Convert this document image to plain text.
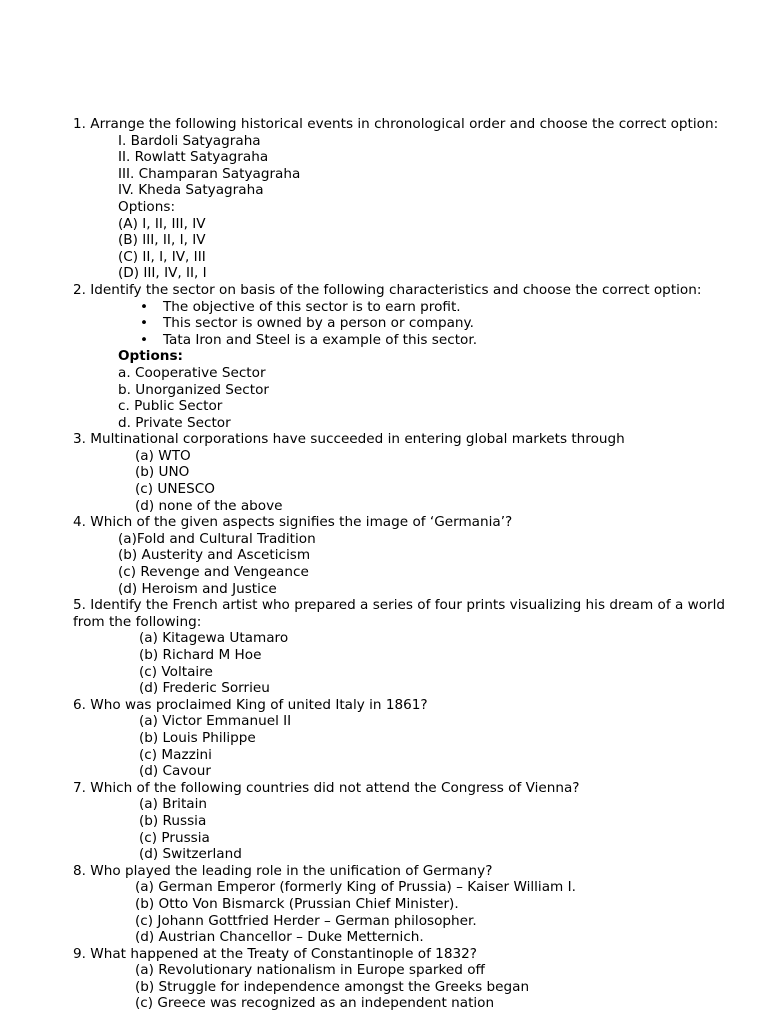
1. Arrange the following historical events in chronological order and choose the correct option:
I. Bardoli Satyagraha
II. Rowlatt Satyagraha
III. Champaran Satyagraha
IV. Kheda Satyagraha
Options:
(A) I, II, III, IV
(B) III, II, I, IV
(C) II, I, IV, III
(D) III, IV, II, I
2. Identify the sector on basis of the following characteristics and choose the correct option:
• The objective of this sector is to earn profit.
• This sector is owned by a person or company.
• Tata Iron and Steel is a example of this sector.
Options:
a. Cooperative Sector
b. Unorganized Sector
c. Public Sector
d. Private Sector
3. Multinational corporations have succeeded in entering global markets through
(a) WTO
(b) UNO
(c) UNESCO
(d) none of the above
4. Which of the given aspects signifies the image of ‘Germania’?
(a)Fold and Cultural Tradition
(b) Austerity and Asceticism
(c) Revenge and Vengeance
(d) Heroism and Justice
5. Identify the French artist who prepared a series of four prints visualizing his dream of a world from the following:
(a) Kitagewa Utamaro
(b) Richard M Hoe
(c) Voltaire
(d) Frederic Sorrieu
6. Who was proclaimed King of united Italy in 1861?
(a) Victor Emmanuel II
(b) Louis Philippe
(c) Mazzini
(d) Cavour
7. Which of the following countries did not attend the Congress of Vienna?
(a) Britain
(b) Russia
(c) Prussia
(d) Switzerland
8. Who played the leading role in the unification of Germany?
(a) German Emperor (formerly King of Prussia) – Kaiser William I.
(b) Otto Von Bismarck (Prussian Chief Minister).
(c) Johann Gottfried Herder – German philosopher.
(d) Austrian Chancellor – Duke Metternich.
9. What happened at the Treaty of Constantinople of 1832?
(a) Revolutionary nationalism in Europe sparked off
(b) Struggle for independence amongst the Greeks began
(c) Greece was recognized as an independent nation
